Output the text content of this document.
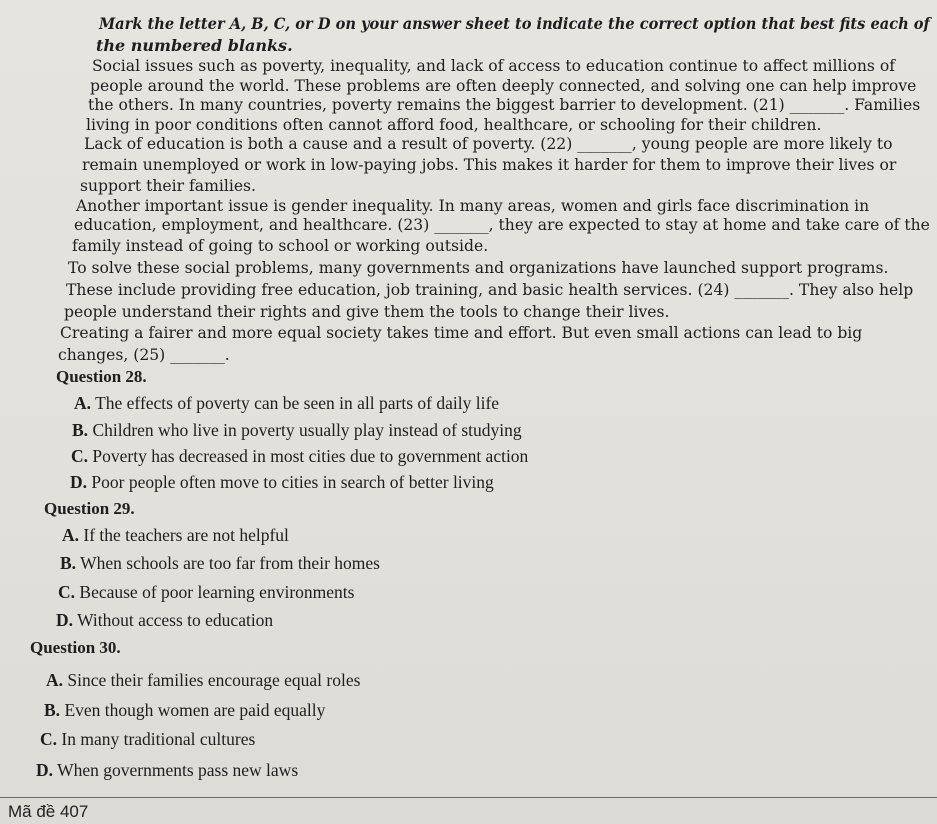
Mark the letter A, B, C, or D on your answer sheet to indicate the correct option that best fits each of
the numbered blanks.
Social issues such as poverty, inequality, and lack of access to education continue to affect millions of
people around the world. These problems are often deeply connected, and solving one can help improve
the others. In many countries, poverty remains the biggest barrier to development. (21) _______. Families
living in poor conditions often cannot afford food, healthcare, or schooling for their children.
Lack of education is both a cause and a result of poverty. (22) _______, young people are more likely to
remain unemployed or work in low-paying jobs. This makes it harder for them to improve their lives or
support their families.
Another important issue is gender inequality. In many areas, women and girls face discrimination in
education, employment, and healthcare. (23) _______, they are expected to stay at home and take care of the
family instead of going to school or working outside.
To solve these social problems, many governments and organizations have launched support programs.
These include providing free education, job training, and basic health services. (24) _______. They also help
people understand their rights and give them the tools to change their lives.
Creating a fairer and more equal society takes time and effort. But even small actions can lead to big
changes, (25) _______.
Question 28.
A. The effects of poverty can be seen in all parts of daily life
B. Children who live in poverty usually play instead of studying
C. Poverty has decreased in most cities due to government action
D. Poor people often move to cities in search of better living
Question 29.
A. If the teachers are not helpful
B. When schools are too far from their homes
C. Because of poor learning environments
D. Without access to education
Question 30.
A. Since their families encourage equal roles
B. Even though women are paid equally
C. In many traditional cultures
D. When governments pass new laws
Mã đề 407
